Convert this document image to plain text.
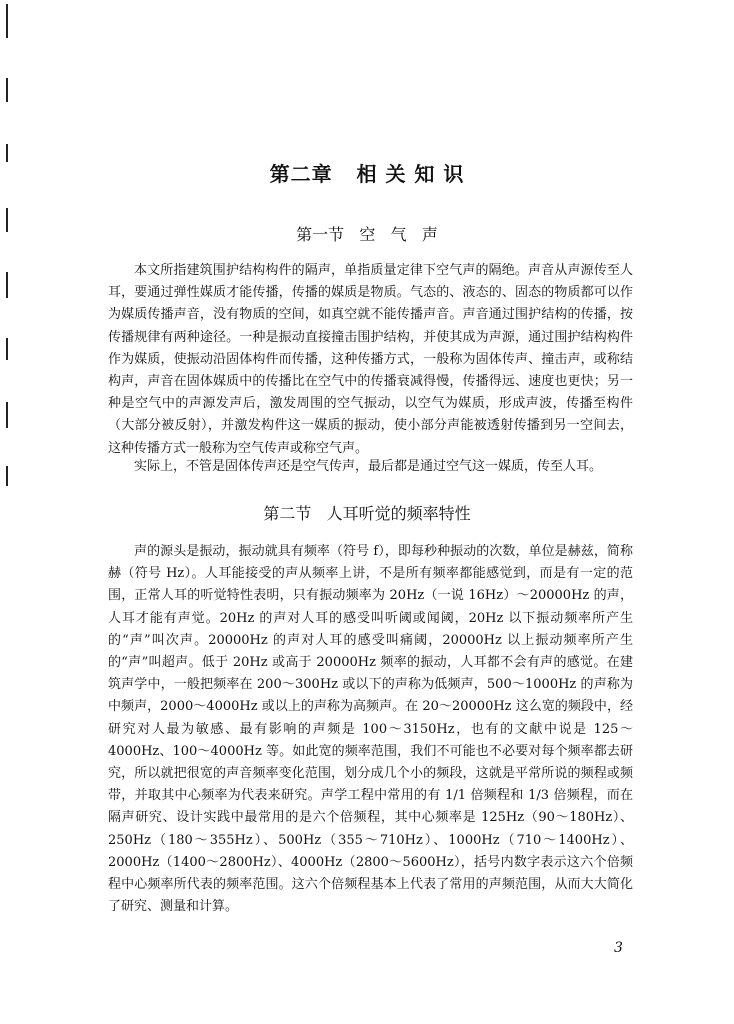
第二章   相 关 知 识
第一节   空   气   声

本文所指建筑围护结构构件的隔声，单指质量定律下空气声的隔绝。声音从声源传至人耳，要通过弹性媒质才能传播，传播的媒质是物质。气态的、液态的、固态的物质都可以作为媒质传播声音，没有物质的空间，如真空就不能传播声音。声音通过围护结构的传播，按传播规律有两种途径。一种是振动直接撞击围护结构，并使其成为声源，通过围护结构构件作为媒质，使振动沿固体构件而传播，这种传播方式，一般称为固体传声、撞击声，或称结构声，声音在固体媒质中的传播比在空气中的传播衰减得慢，传播得远、速度也更快；另一种是空气中的声源发声后，激发周围的空气振动，以空气为媒质，形成声波，传播至构件（大部分被反射），并激发构件这一媒质的振动，使小部分声能被透射传播到另一空间去，这种传播方式一般称为空气传声或称空气声。

实际上，不管是固体传声还是空气传声，最后都是通过空气这一媒质，传至人耳。

第二节   人耳听觉的频率特性

声的源头是振动，振动就具有频率（符号 f），即每秒种振动的次数，单位是赫兹，简称赫（符号 Hz）。人耳能接受的声从频率上讲，不是所有频率都能感觉到，而是有一定的范围，正常人耳的听觉特性表明，只有振动频率为 20Hz（一说 16Hz）～20000Hz 的声，人耳才能有声觉。20Hz 的声对人耳的感受叫听阈或闻阈，20Hz 以下振动频率所产生的“声”叫次声。20000Hz 的声对人耳的感受叫痛阈，20000Hz 以上振动频率所产生的“声”叫超声。低于 20Hz 或高于 20000Hz 频率的振动，人耳都不会有声的感觉。在建筑声学中，一般把频率在 200～300Hz 或以下的声称为低频声，500～1000Hz 的声称为中频声，2000～4000Hz 或以上的声称为高频声。在 20～20000Hz 这么宽的频段中，经研究对人最为敏感、最有影响的声频是 100～3150Hz，也有的文献中说是 125～4000Hz、100～4000Hz 等。如此宽的频率范围，我们不可能也不必要对每个频率都去研究，所以就把很宽的声音频率变化范围，划分成几个小的频段，这就是平常所说的频程或频带，并取其中心频率为代表来研究。声学工程中常用的有 1/1 倍频程和 1/3 倍频程，而在隔声研究、设计实践中最常用的是六个倍频程，其中心频率是 125Hz（90～180Hz）、250Hz（180～355Hz）、500Hz（355～710Hz）、1000Hz（710～1400Hz）、2000Hz（1400～2800Hz）、4000Hz（2800～5600Hz），括号内数字表示这六个倍频程中心频率所代表的频率范围。这六个倍频程基本上代表了常用的声频范围，从而大大简化了研究、测量和计算。

3
